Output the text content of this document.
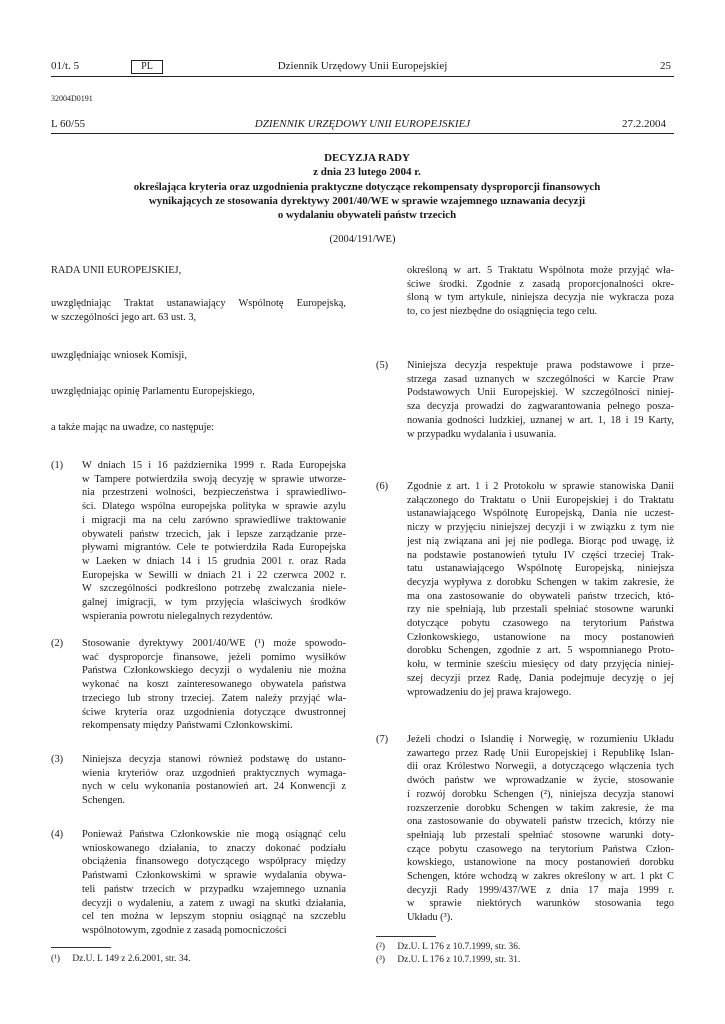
01/t. 5	PL	Dziennik Urzędowy Unii Europejskiej	25
32004D0191
L 60/55	DZIENNIK URZĘDOWY UNII EUROPEJSKIEJ	27.2.2004
DECYZJA RADY
z dnia 23 lutego 2004 r.
określająca kryteria oraz uzgodnienia praktyczne dotyczące rekompensaty dysproporcji finansowych
wynikających ze stosowania dyrektywy 2001/40/WE w sprawie wzajemnego uznawania decyzji
o wydalaniu obywateli państw trzecich
(2004/191/WE)
RADA UNII EUROPEJSKIEJ,

uwzględniając Traktat ustanawiający Wspólnotę Europejską,

w szczególności jego art. 63 ust. 3,

uwzględniając wniosek Komisji,
uwzględniając opinię Parlamentu Europejskiego,
a także mając na uwadze, co następuje:
(1) W dniach 15 i 16 października 1999 r. Rada Europejska
w Tampere potwierdziła swoją decyzję w sprawie utworze-
nia przestrzeni wolności, bezpieczeństwa i sprawiedliwo-
ści. Dlatego wspólna europejska polityka w sprawie azylu
i migracji ma na celu zarówno sprawiedliwe traktowanie
obywateli państw trzecich, jak i lepsze zarządzanie prze-
pływami migrantów. Cele te potwierdziła Rada Europejska
w Laeken w dniach 14 i 15 grudnia 2001 r. oraz Rada
Europejska w Sewilli w dniach 21 i 22 czerwca 2002 r.
W szczególności podkreślono potrzebę zwalczania niele-
galnej imigracji, w tym przyjęcia właściwych środków
wspierania powrotu nielegalnych rezydentów.
(2) Stosowanie dyrektywy 2001/40/WE (¹) może spowodo-
wać dysproporcje finansowe, jeżeli pomimo wysiłków
Państwa Członkowskiego decyzji o wydaleniu nie można
wykonać na koszt zainteresowanego obywatela państwa
trzeciego lub strony trzeciej. Zatem należy przyjąć wła-
ściwe kryteria oraz uzgodnienia dotyczące dwustronnej
rekompensaty między Państwami Członkowskimi.
(3) Niniejsza decyzja stanowi również podstawę do ustano-
wienia kryteriów oraz uzgodnień praktycznych wymaga-
nych w celu wykonania postanowień art. 24 Konwencji z
Schengen.
(4) Ponieważ Państwa Członkowskie nie mogą osiągnąć celu
wnioskowanego działania, to znaczy dokonać podziału
obciążenia finansowego dotyczącego współpracy między
Państwami Członkowskimi w sprawie wydalania obywa-
teli państw trzecich w przypadku wzajemnego uznania
decyzji o wydaleniu, a zatem z uwagi na skutki działania,
cel ten można w lepszym stopniu osiągnąć na szczeblu
wspólnotowym, zgodnie z zasadą pomocniczości
określoną w art. 5 Traktatu Wspólnota może przyjąć wła-
ściwe środki. Zgodnie z zasadą proporcjonalności okre-
śloną w tym artykule, niniejsza decyzja nie wykracza poza
to, co jest niezbędne do osiągnięcia tego celu.
(5) Niniejsza decyzja respektuje prawa podstawowe i prze-
strzega zasad uznanych w szczególności w Karcie Praw
Podstawowych Unii Europejskiej. W szczególności niniej-
sza decyzja prowadzi do zagwarantowania pełnego posza-
nowania godności ludzkiej, uznanej w art. 1, 18 i 19 Karty,
w przypadku wydalania i usuwania.
(6) Zgodnie z art. 1 i 2 Protokołu w sprawie stanowiska Danii
załączonego do Traktatu o Unii Europejskiej i do Traktatu
ustanawiającego Wspólnotę Europejską, Dania nie uczest-
niczy w przyjęciu niniejszej decyzji i w związku z tym nie
jest nią związana ani jej nie podlega. Biorąc pod uwagę, iż
na podstawie postanowień tytułu IV części trzeciej Trak-
tatu ustanawiającego Wspólnotę Europejską, niniejsza
decyzja wypływa z dorobku Schengen w takim zakresie, że
ma ona zastosowanie do obywateli państw trzecich, któ-
rzy nie spełniają, lub przestali spełniać stosowne warunki
dotyczące pobytu czasowego na terytorium Państwa
Członkowskiego, ustanowione na mocy postanowień
dorobku Schengen, zgodnie z art. 5 wspomnianego Proto-
kołu, w terminie sześciu miesięcy od daty przyjęcia niniej-
szej decyzji przez Radę, Dania podejmuje decyzję o jej
wprowadzeniu do jej prawa krajowego.
(7) Jeżeli chodzi o Islandię i Norwegię, w rozumieniu Układu
zawartego przez Radę Unii Europejskiej i Republikę Islan-
dii oraz Królestwo Norwegii, a dotyczącego włączenia tych
dwóch państw we wprowadzanie w życie, stosowanie
i rozwój dorobku Schengen (²), niniejsza decyzja stanowi
rozszerzenie dorobku Schengen w takim zakresie, że ma
ona zastosowanie do obywateli państw trzecich, którzy nie
spełniają lub przestali spełniać stosowne warunki doty-
czące pobytu czasowego na terytorium Państwa Człon-
kowskiego, ustanowione na mocy postanowień dorobku
Schengen, które wchodzą w zakres określony w art. 1 pkt C
decyzji Rady 1999/437/WE z dnia 17 maja 1999 r.
w sprawie niektórych warunków stosowania tego
Układu (³).
(¹) Dz.U. L 149 z 2.6.2001, str. 34.
(²) Dz.U. L 176 z 10.7.1999, str. 36.
(³) Dz.U. L 176 z 10.7.1999, str. 31.
